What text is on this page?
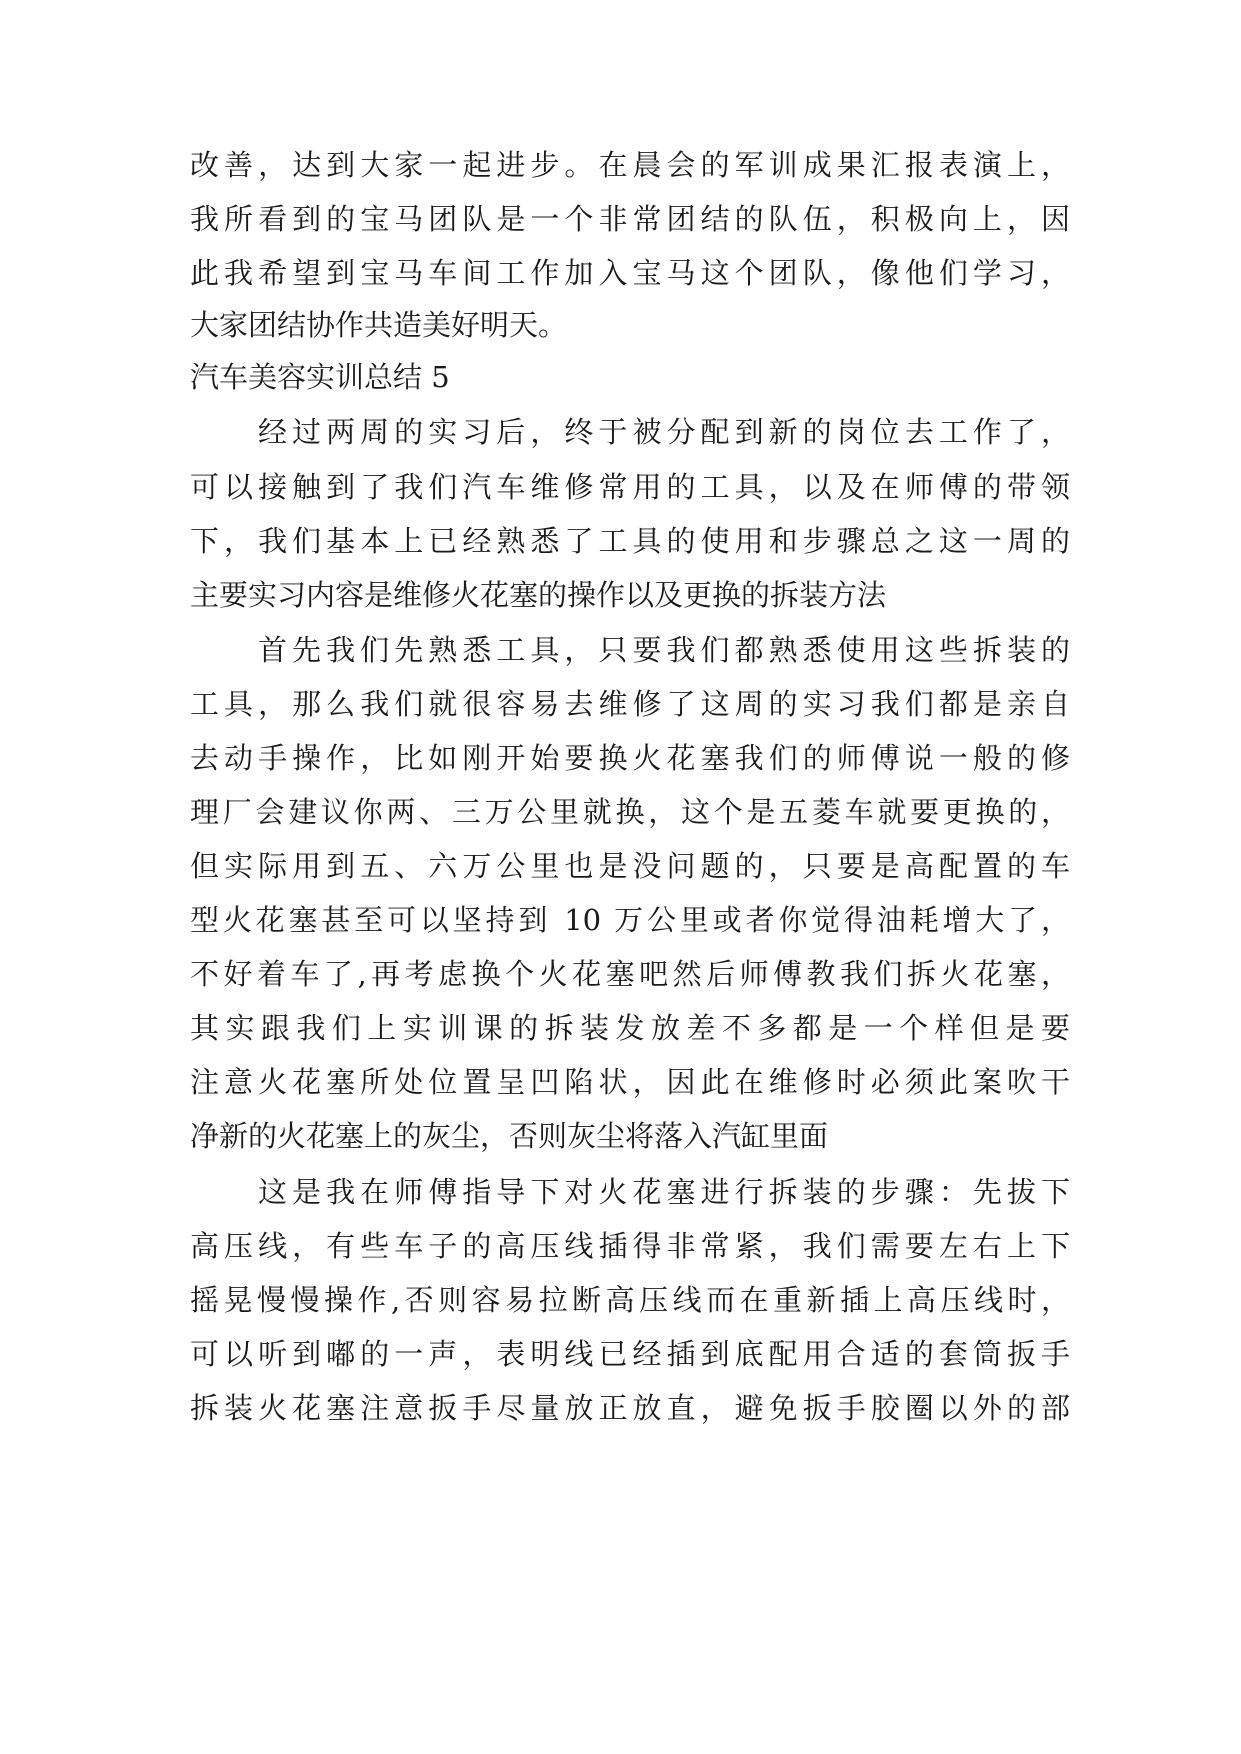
改善，达到大家一起进步。在晨会的军训成果汇报表演上，

我所看到的宝马团队是一个非常团结的队伍，积极向上，因

此我希望到宝马车间工作加入宝马这个团队，像他们学习，

大家团结协作共造美好明天。

汽车美容实训总结 5

经过两周的实习后，终于被分配到新的岗位去工作了，

可以接触到了我们汽车维修常用的工具，以及在师傅的带领

下，我们基本上已经熟悉了工具的使用和步骤总之这一周的

主要实习内容是维修火花塞的操作以及更换的拆装方法

首先我们先熟悉工具，只要我们都熟悉使用这些拆装的

工具，那么我们就很容易去维修了这周的实习我们都是亲自

去动手操作，比如刚开始要换火花塞我们的师傅说一般的修

理厂会建议你两、三万公里就换，这个是五菱车就要更换的，

但实际用到五、六万公里也是没问题的，只要是高配置的车

型火花塞甚至可以坚持到 10 万公里或者你觉得油耗增大了，

不好着车了,再考虑换个火花塞吧然后师傅教我们拆火花塞，

其实跟我们上实训课的拆装发放差不多都是一个样但是要

注意火花塞所处位置呈凹陷状，因此在维修时必须此案吹干

净新的火花塞上的灰尘，否则灰尘将落入汽缸里面

这是我在师傅指导下对火花塞进行拆装的步骤：先拔下

高压线，有些车子的高压线插得非常紧，我们需要左右上下

摇晃慢慢操作,否则容易拉断高压线而在重新插上高压线时，

可以听到嘟的一声，表明线已经插到底配用合适的套筒扳手

拆装火花塞注意扳手尽量放正放直，避免扳手胶圈以外的部
